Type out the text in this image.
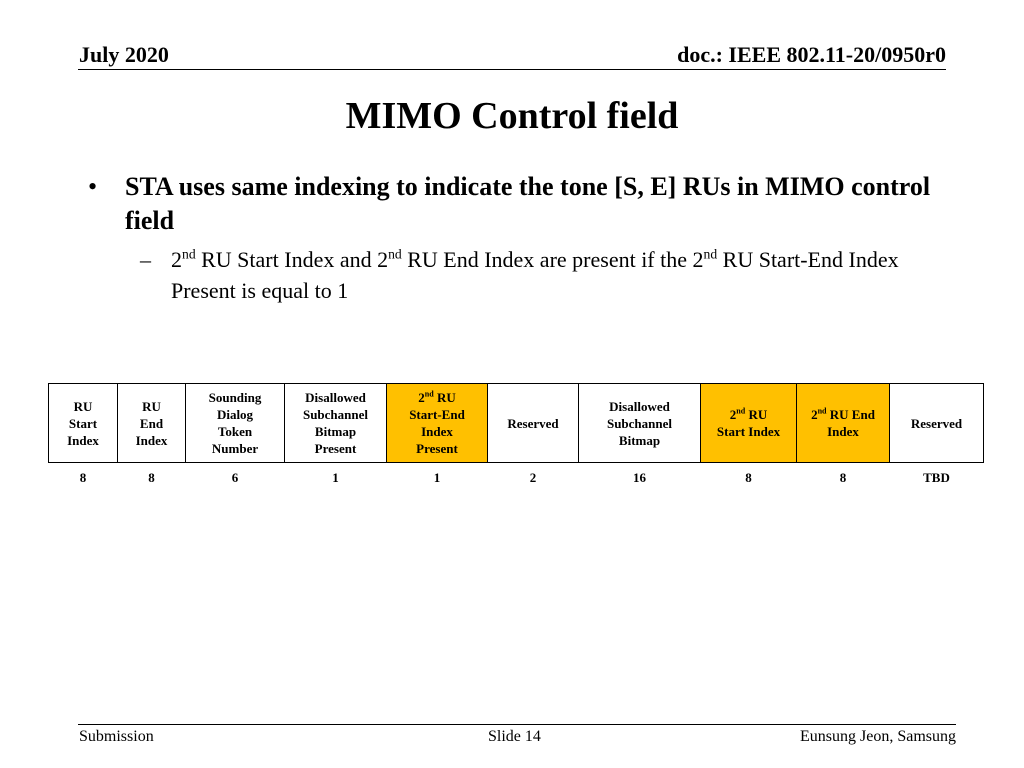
July 2020	doc.: IEEE 802.11-20/0950r0
MIMO Control field
• STA uses same indexing to indicate the tone [S, E] RUs in MIMO control field
– 2nd RU Start Index and 2nd RU End Index are present if the 2nd RU Start-End Index Present is equal to 1
RU
Start
Index	RU
End
Index	Sounding
Dialog
Token
Number	Disallowed
Subchannel
Bitmap
Present	2nd RU
Start-End
Index
Present	Reserved	Disallowed
Subchannel
Bitmap	2nd RU
Start Index	2nd RU End
Index	Reserved
8	8	6	1	1	2	16	8	8	TBD
Submission	Slide 14	Eunsung Jeon, Samsung
